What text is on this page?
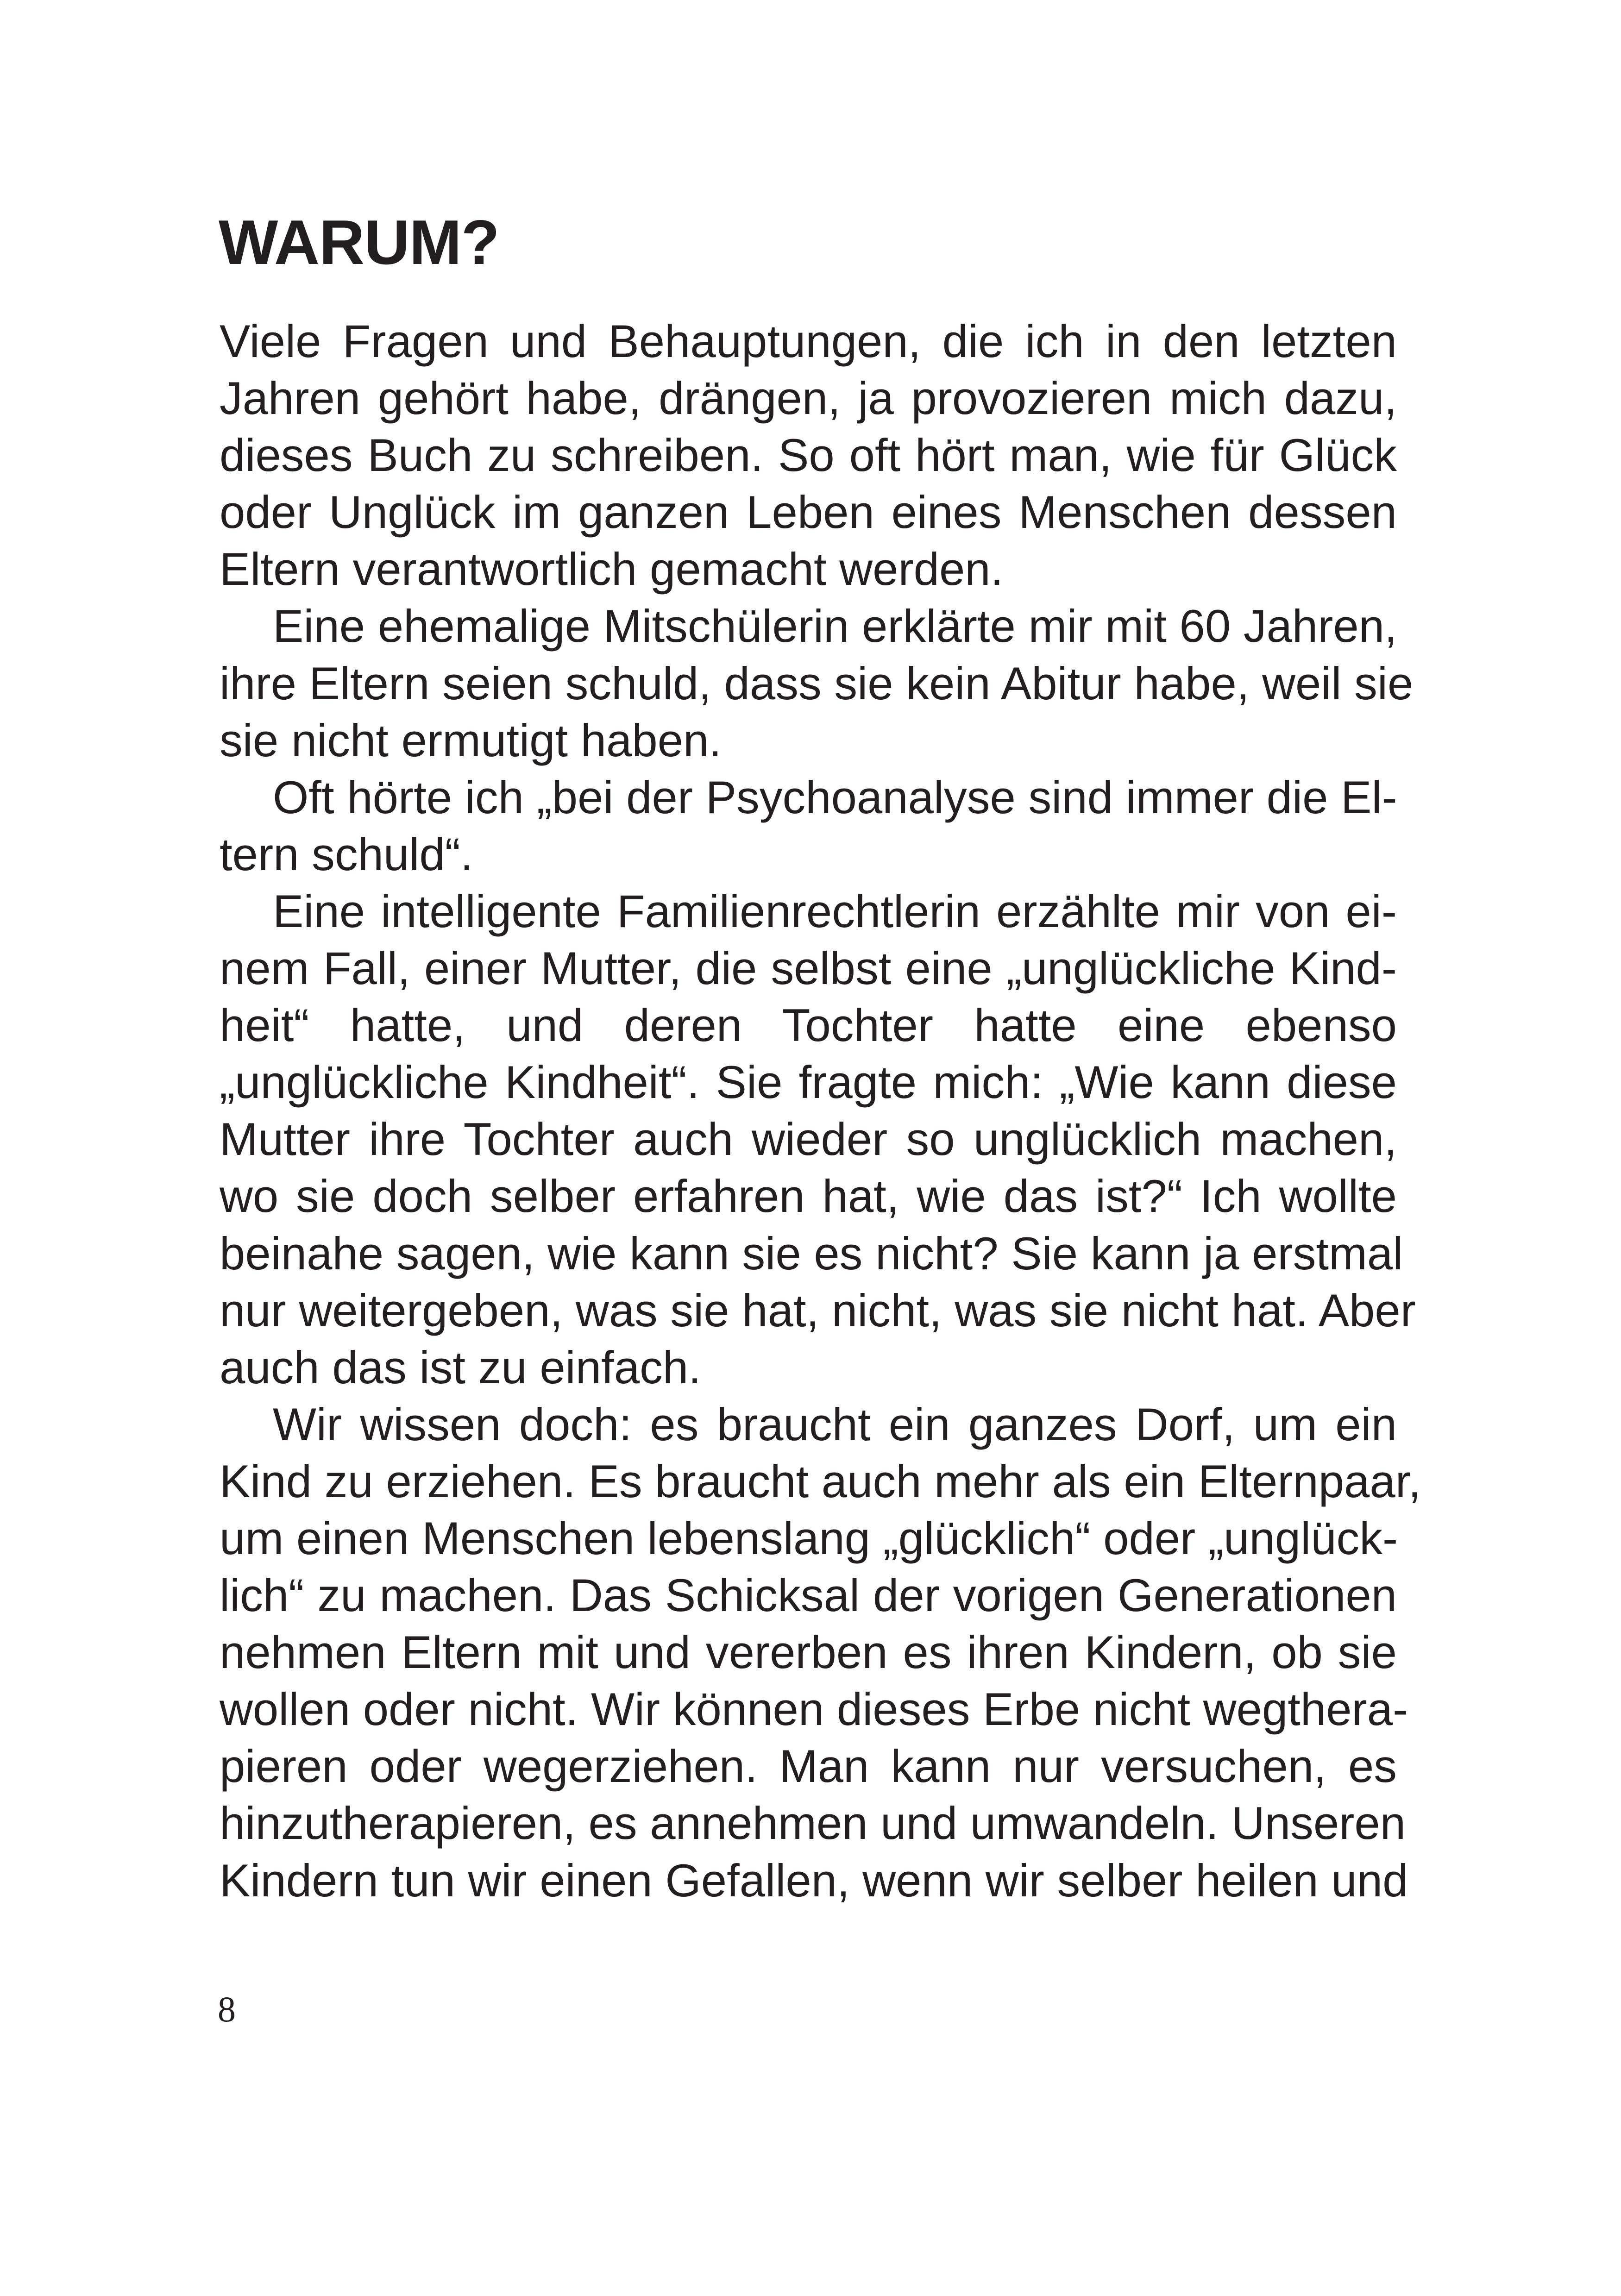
WARUM?
Viele Fragen und Behauptungen, die ich in den letzten
Jahren gehört habe, drängen, ja provozieren mich dazu,
dieses Buch zu schreiben. So oft hört man, wie für Glück
oder Unglück im ganzen Leben eines Menschen dessen
Eltern verantwortlich gemacht werden.
Eine ehemalige Mitschülerin erklärte mir mit 60 Jahren,
ihre Eltern seien schuld, dass sie kein Abitur habe, weil sie
sie nicht ermutigt haben.
Oft hörte ich „bei der Psychoanalyse sind immer die El-
tern schuld“.
Eine intelligente Familienrechtlerin erzählte mir von ei-
nem Fall, einer Mutter, die selbst eine „unglückliche Kind-
heit“ hatte, und deren Tochter hatte eine ebenso
„unglückliche Kindheit“. Sie fragte mich: „Wie kann diese
Mutter ihre Tochter auch wieder so unglücklich machen,
wo sie doch selber erfahren hat, wie das ist?“ Ich wollte
beinahe sagen, wie kann sie es nicht? Sie kann ja erstmal
nur weitergeben, was sie hat, nicht, was sie nicht hat. Aber
auch das ist zu einfach.
Wir wissen doch: es braucht ein ganzes Dorf, um ein
Kind zu erziehen. Es braucht auch mehr als ein Elternpaar,
um einen Menschen lebenslang „glücklich“ oder „unglück-
lich“ zu machen. Das Schicksal der vorigen Generationen
nehmen Eltern mit und vererben es ihren Kindern, ob sie
wollen oder nicht. Wir können dieses Erbe nicht wegthera-
pieren oder wegerziehen. Man kann nur versuchen, es
hinzutherapieren, es annehmen und umwandeln. Unseren
Kindern tun wir einen Gefallen, wenn wir selber heilen und
8
